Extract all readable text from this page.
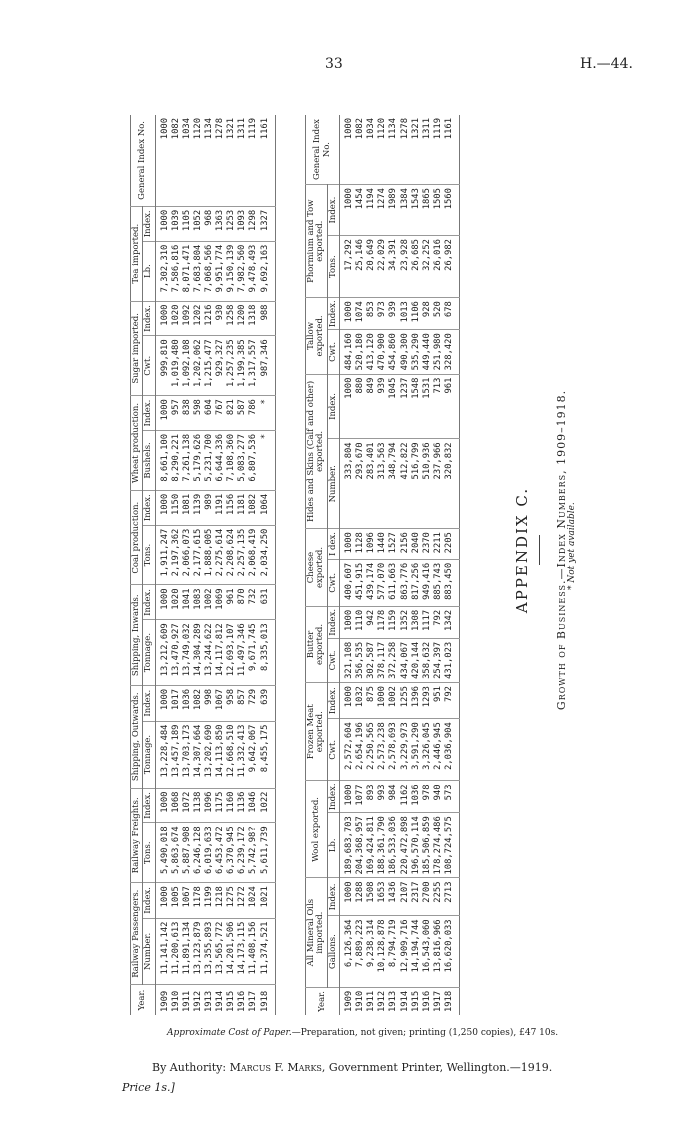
33	H.—44.
Year.	Railway Passengers.		Railway Freights.		Shipping, Outwards.		Shipping, Inwards.		Coal production.		Wheat production.		Sugar imported.		Tea imported.		General Index No.
	Number.	Index.	Tons.	Index.	Tonnage.	Index.	Tonnage.	Index.	Tons.	Index.	Bushels.	Index.	Cwt.	Index.	Lb.	Index.	
1909	11,141,142	1000	5,490,018	1000	13,228,484	1000	13,212,609	1000	1,911,247	1000	8,661,100	1000	999,810	1000	7,302,310	1000	1000
1910	11,200,613	1005	5,863,674	1068	13,457,189	1017	13,470,927	1020	2,197,362	1150	8,290,221	957	1,019,480	1020	7,586,816	1039	1082
1911	11,891,134	1067	5,887,908	1072	13,703,173	1036	13,749,032	1041	2,066,073	1081	7,261,138	838	1,092,108	1092	8,071,471	1105	1034
1912	13,123,879	1178	6,246,128	1138	14,307,664	1082	14,304,289	1083	2,177,615	1139	5,179,626	598	1,202,062	1202	7,683,804	1052	1120
1913	13,355,893	1199	6,019,633	1096	13,202,690	998	13,244,622	1002	1,888,005	989	5,231,700	604	1,215,477	1216	7,068,566	968	1134
1914	13,565,772	1218	6,453,472	1175	14,113,850	1067	14,117,812	1069	2,275,614	1191	6,644,336	767	929,327	930	9,951,774	1363	1278
1915	14,201,506	1275	6,370,945	1160	12,668,510	958	12,693,107	961	2,208,624	1156	7,108,360	821	1,257,235	1258	9,150,139	1253	1321
1916	14,173,115	1272	6,239,172	1136	11,332,413	857	11,497,346	870	2,257,135	1181	5,083,277	587	1,199,385	1200	7,982,560	1093	1311
1917	11,408,156	1024	5,742,98?	1046	9,642,067	729	9,671,745	732	2,068,419	1082	6,807,536	786	1,317,557	1318	9,478,493	1298	1119
1918	11,374,521	1021	5,611,739	1022	8,455,175	639	8,335,013	631	2,034,250	1064	*	*	987,346	988	9,692,163	1327	1161
Year.	All Mineral Oils imported.		Wool exported.		Frozen Meat exported.		Butter exported.		Cheese exported.		Hides and Skins (Calf and other) exported.		Tallow exported.		Phormium and Tow exported.		General Index No.
	Gallons.	Index.	Lb.	Index.	Cwt.	Index.	Cwt.	Index.	Cwt.	I dex.	Number.	Index.	Cwt.	Index.	Tons.	Index.	
1909	6,126,364	1000	189,683,703	1000	2,572,604	1000	321,108	1000	400,607	1000	333,804	1000	484,160	1000	17,292	1000	1000
1910	7,889,223	1288	204,368,957	1077	2,654,196	1032	356,535	1110	451,915	1128	293,670	880	520,180	1074	25,146	1454	1082
1911	9,238,314	1508	169,424,811	893	2,250,565	875	302,587	942	439,174	1096	283,401	849	413,120	853	20,649	1194	1034
1912	10,128,878	1653	188,361,790	993	2,573,238	1000	378,117	1178	577,070	1440	313,563	939	470,900	973	22,029	1274	1120
1913	8,794,719	1436	186,533,036	984	2,578,693	1002	372,258	1159	611,663	1527	348,794	1045	454,860	939	34,391	1989	1134
1914	12,909,716	2107	220,472,898	1162	3,229,973	1255	434,067	1352	863,776	2156	412,822	1237	490,300	1013	23,928	1384	1278
1915	14,194,744	2317	196,570,114	1036	3,591,290	1396	420,144	1308	817,256	2040	516,799	1548	535,290	1106	26,685	1543	1321
1916	16,543,060	2700	185,506,859	978	3,326,045	1293	358,632	1117	949,416	2370	510,936	1531	449,440	928	32,252	1865	1311
1917	13,816,966	2255	178,274,486	940	2,446,945	951	254,397	792	885,743	2211	237,966	713	251,980	520	26,016	1505	1119
1918	16,620,033	2713	108,724,575	573	2,036,904	792	431,023	1342	883,450	2205	320,832	961	328,420	678	26,982	1560	1161
Growth of Business.—Index Numbers, 1909–1918. * Not yet available.
APPENDIX C.
Approximate Cost of Paper.—Preparation, not given; printing (1,250 copies), £47 10s.
By Authority: Marcus F. Marks, Government Printer, Wellington.—1919.
Price 1s.]
